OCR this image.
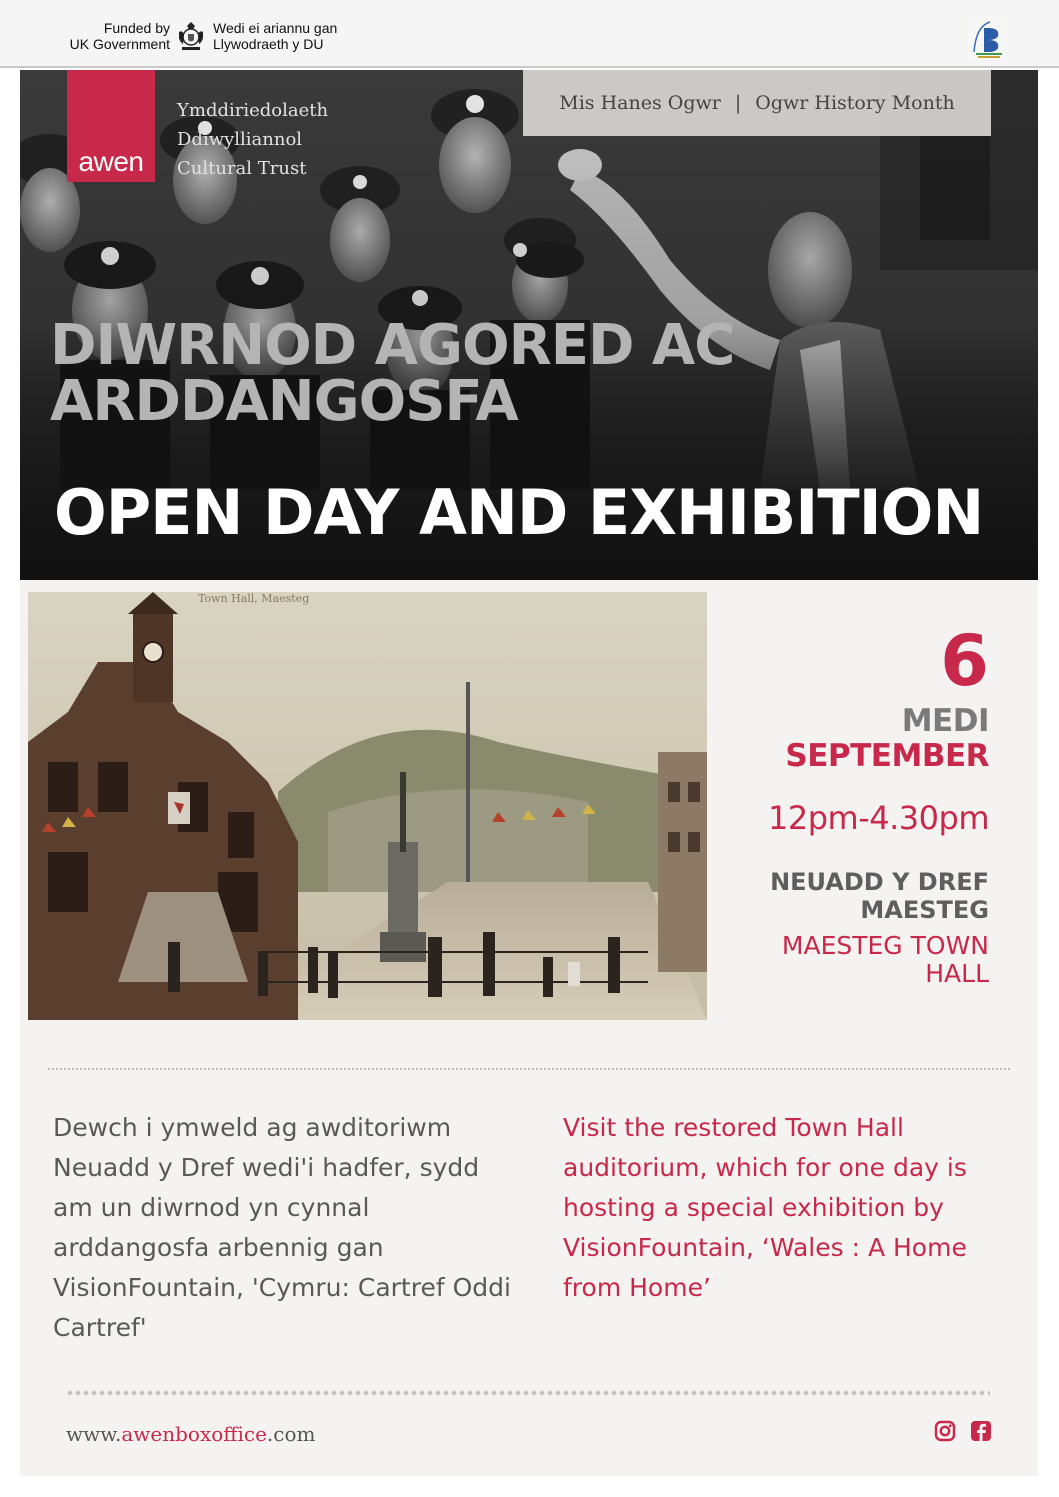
Funded by
UK Government
Wedi ei ariannu gan
Llywodraeth y DU
awen
Ymddiriedolaeth
Ddiwylliannol
Cultural Trust
Mis Hanes Ogwr | Ogwr History Month
DIWRNOD AGORED AC
ARDDANGOSFA
OPEN DAY AND EXHIBITION
Town Hall, Maesteg
6
MEDI
SEPTEMBER
12pm-4.30pm
NEUADD Y DREF
MAESTEG
MAESTEG TOWN
HALL
Dewch i ymweld ag awditoriwm Neuadd y Dref wedi'i hadfer, sydd am un diwrnod yn cynnal arddangosfa arbennig gan VisionFountain, 'Cymru: Cartref Oddi Cartref'
Visit the restored Town Hall auditorium, which for one day is hosting a special exhibition by VisionFountain, ‘Wales : A Home from Home’
www.awenboxoffice.com
